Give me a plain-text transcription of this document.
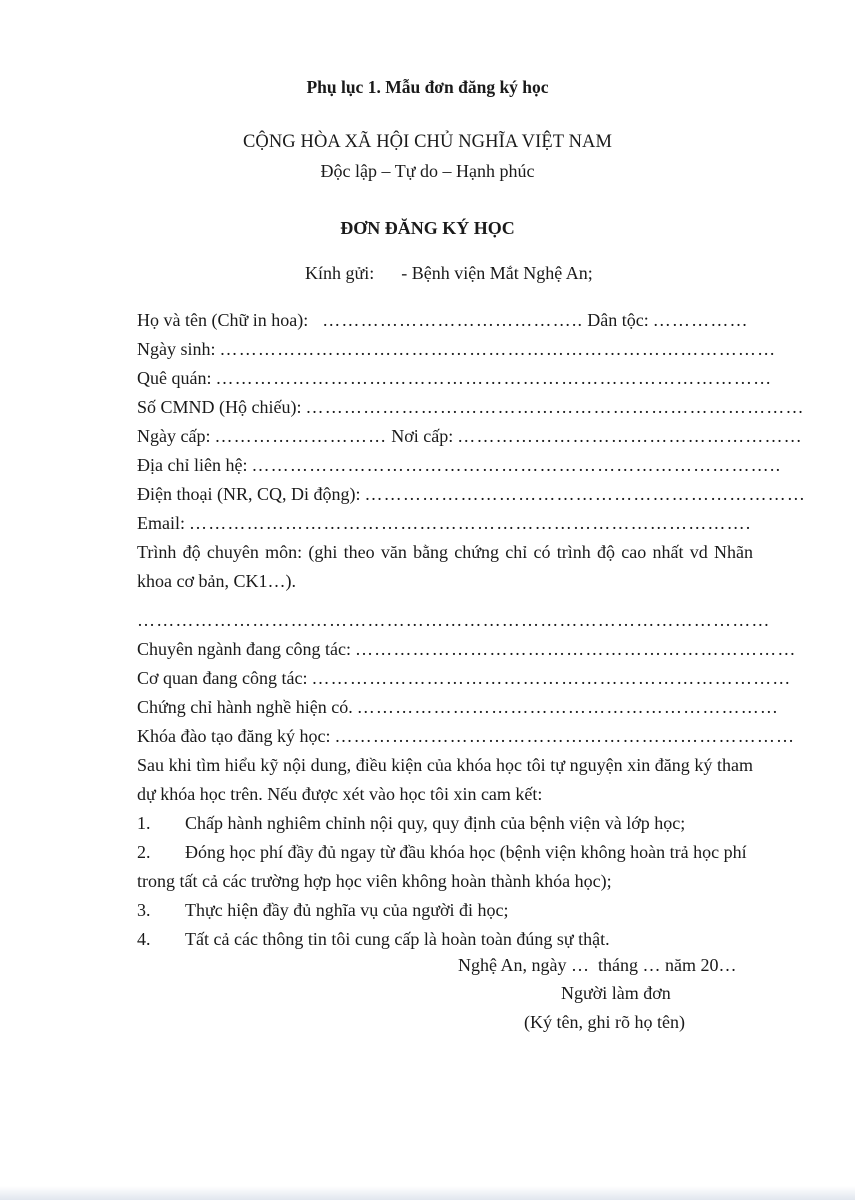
Phụ lục 1. Mẫu đơn đăng ký học
CỘNG HÒA XÃ HỘI CHỦ NGHĨA VIỆT NAM
Độc lập – Tự do – Hạnh phúc
ĐƠN ĐĂNG KÝ HỌC
Kính gửi: - Bệnh viện Mắt Nghệ An;
Họ và tên (Chữ in hoa): ………………………………….. Dân tộc: ……………
Ngày sinh: ……………………………………………………………………………
Quê quán: ……………………………………………………………………………
Số CMND (Hộ chiếu): ……………………………………………………………………
Ngày cấp: ……………………… Nơi cấp: ………………………………………………
Địa chỉ liên hệ: ………………………………………………………………………..
Điện thoại (NR, CQ, Di động): ……………………………………………………………
Email: …………………………………………………………………………….
Trình độ chuyên môn: (ghi theo văn bằng chứng chỉ có trình độ cao nhất vd Nhãn khoa cơ bản, CK1…).
………………………………………………………………………………………
Chuyên ngành đang công tác: ……………………………………………………………
Cơ quan đang công tác: …………………………………………………………………
Chứng chỉ hành nghề hiện có. …………………………………………………………
Khóa đào tạo đăng ký học: ………………………………………………………………
Sau khi tìm hiểu kỹ nội dung, điều kiện của khóa học tôi tự nguyện xin đăng ký tham dự khóa học trên. Nếu được xét vào học tôi xin cam kết:
1.	Chấp hành nghiêm chỉnh nội quy, quy định của bệnh viện và lớp học;
2.	Đóng học phí đầy đủ ngay từ đầu khóa học (bệnh viện không hoàn trả học phí
trong tất cả các trường hợp học viên không hoàn thành khóa học);
3.	Thực hiện đầy đủ nghĩa vụ của người đi học;
4.	Tất cả các thông tin tôi cung cấp là hoàn toàn đúng sự thật.
Nghệ An, ngày …  tháng … năm 20…
Người làm đơn
(Ký tên, ghi rõ họ tên)
